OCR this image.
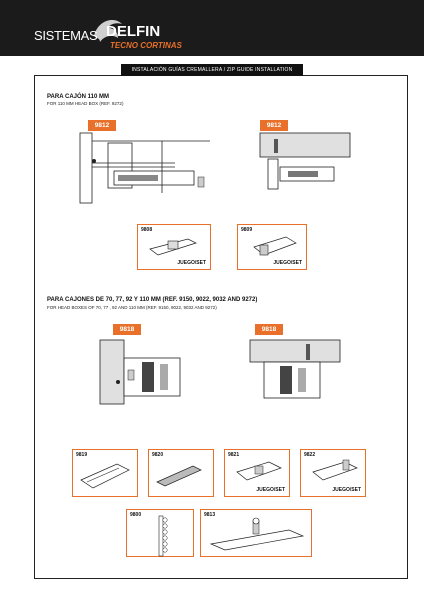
SISTEMAS DELFIN
TECNO CORTINAS
INSTALACIÓN GUÍAS CREMALLERA / ZIP GUIDE INSTALLATION
PARA CAJÓN 110 MM
FOR 110 MM HEAD BOX (REF. 9272)
9812	9812
9808
JUEGO/SET
9809
JUEGO/SET
PARA CAJONES DE 70, 77, 92 Y 110 MM (REF. 9150, 9022, 9032 AND 9272)
FOR HEAD BOXES OF 70, 77 , 92 AND 110 MM (REF. 9150, 9022, 9032 AND 9272)
9818	9818
9819	9820	9821
JUEGO/SET
9822
JUEGO/SET
9800	9813
